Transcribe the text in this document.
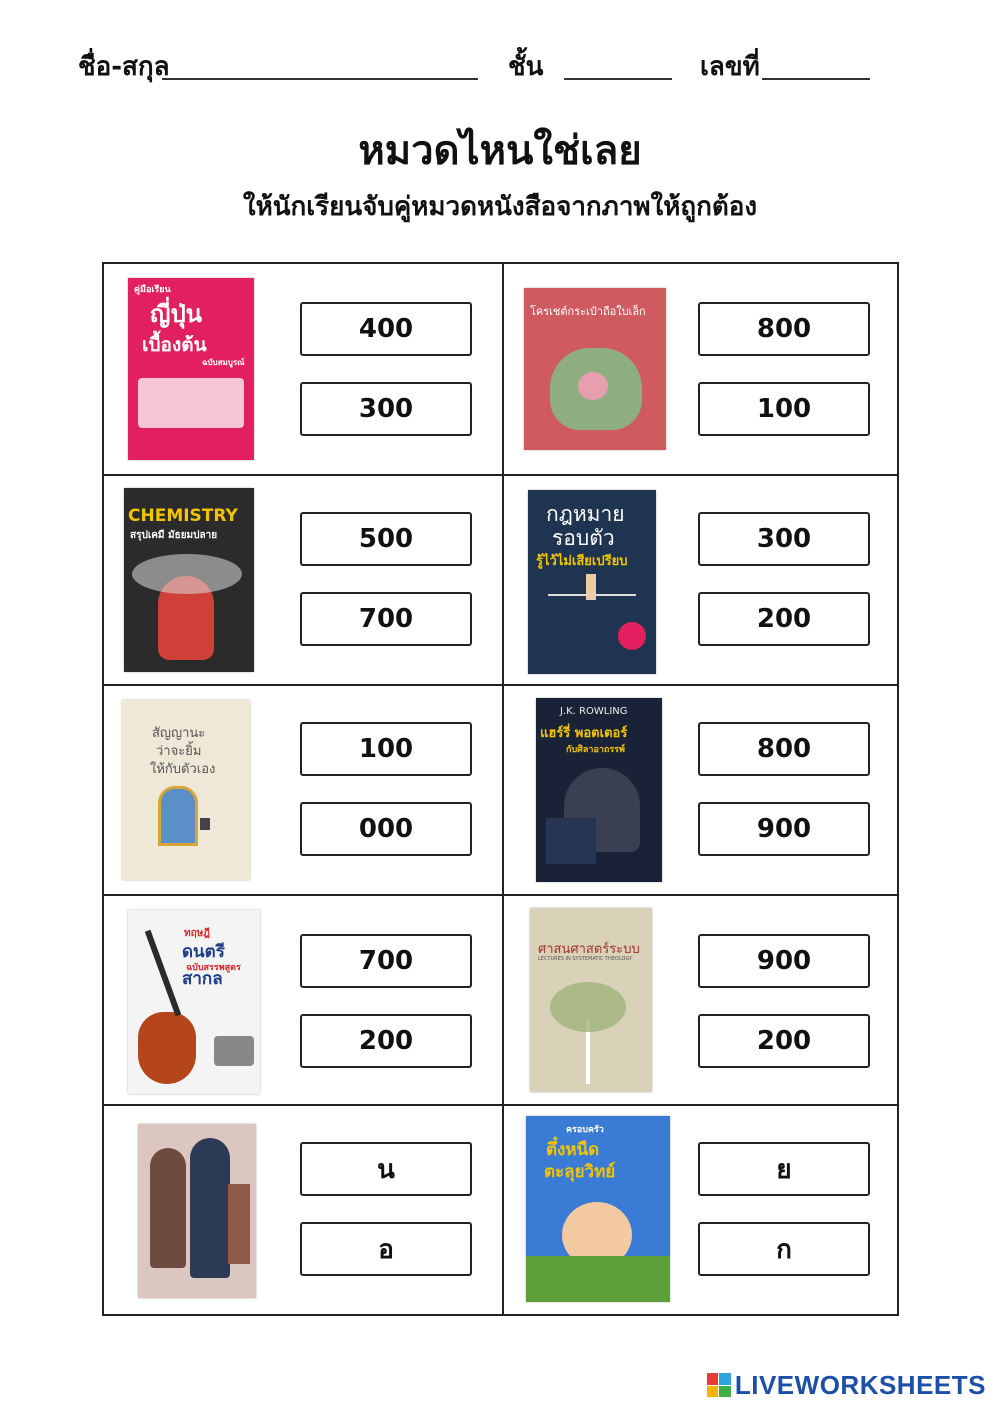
ชื่อ-สกุล	ชั้น	เลขที่
หมวดไหนใช่เลย
ให้นักเรียนจับคู่หมวดหนังสือจากภาพให้ถูกต้อง
คู่มือเรียน
ญี่ปุ่น
เบื้องต้น
ฉบับสมบูรณ์
400
300
โครเชต์กระเป๋าถือใบเล็ก
800
100
CHEMISTRY
สรุปเคมี มัธยมปลาย	500
700
กฎหมาย
รอบตัว
รู้ไว้ไม่เสียเปรียบ
300
200
สัญญานะ
ว่าจะยิ้ม
ให้กับตัวเอง
100
000
J.K. ROWLING
แฮร์รี่ พอตเตอร์
กับศิลาอาถรรพ์	800
900
ทฤษฎี
ดนตรีสากล
ฉบับสรรพสูตร	700
200
ศาสนศาสตร์ระบบ
LECTURES IN SYSTEMATIC THEOLOGY	900
200
น
อ
ครอบครัว
ตึ๋งหนืด
ตะลุยวิทย์	ย
ก
LIVEWORKSHEETS
